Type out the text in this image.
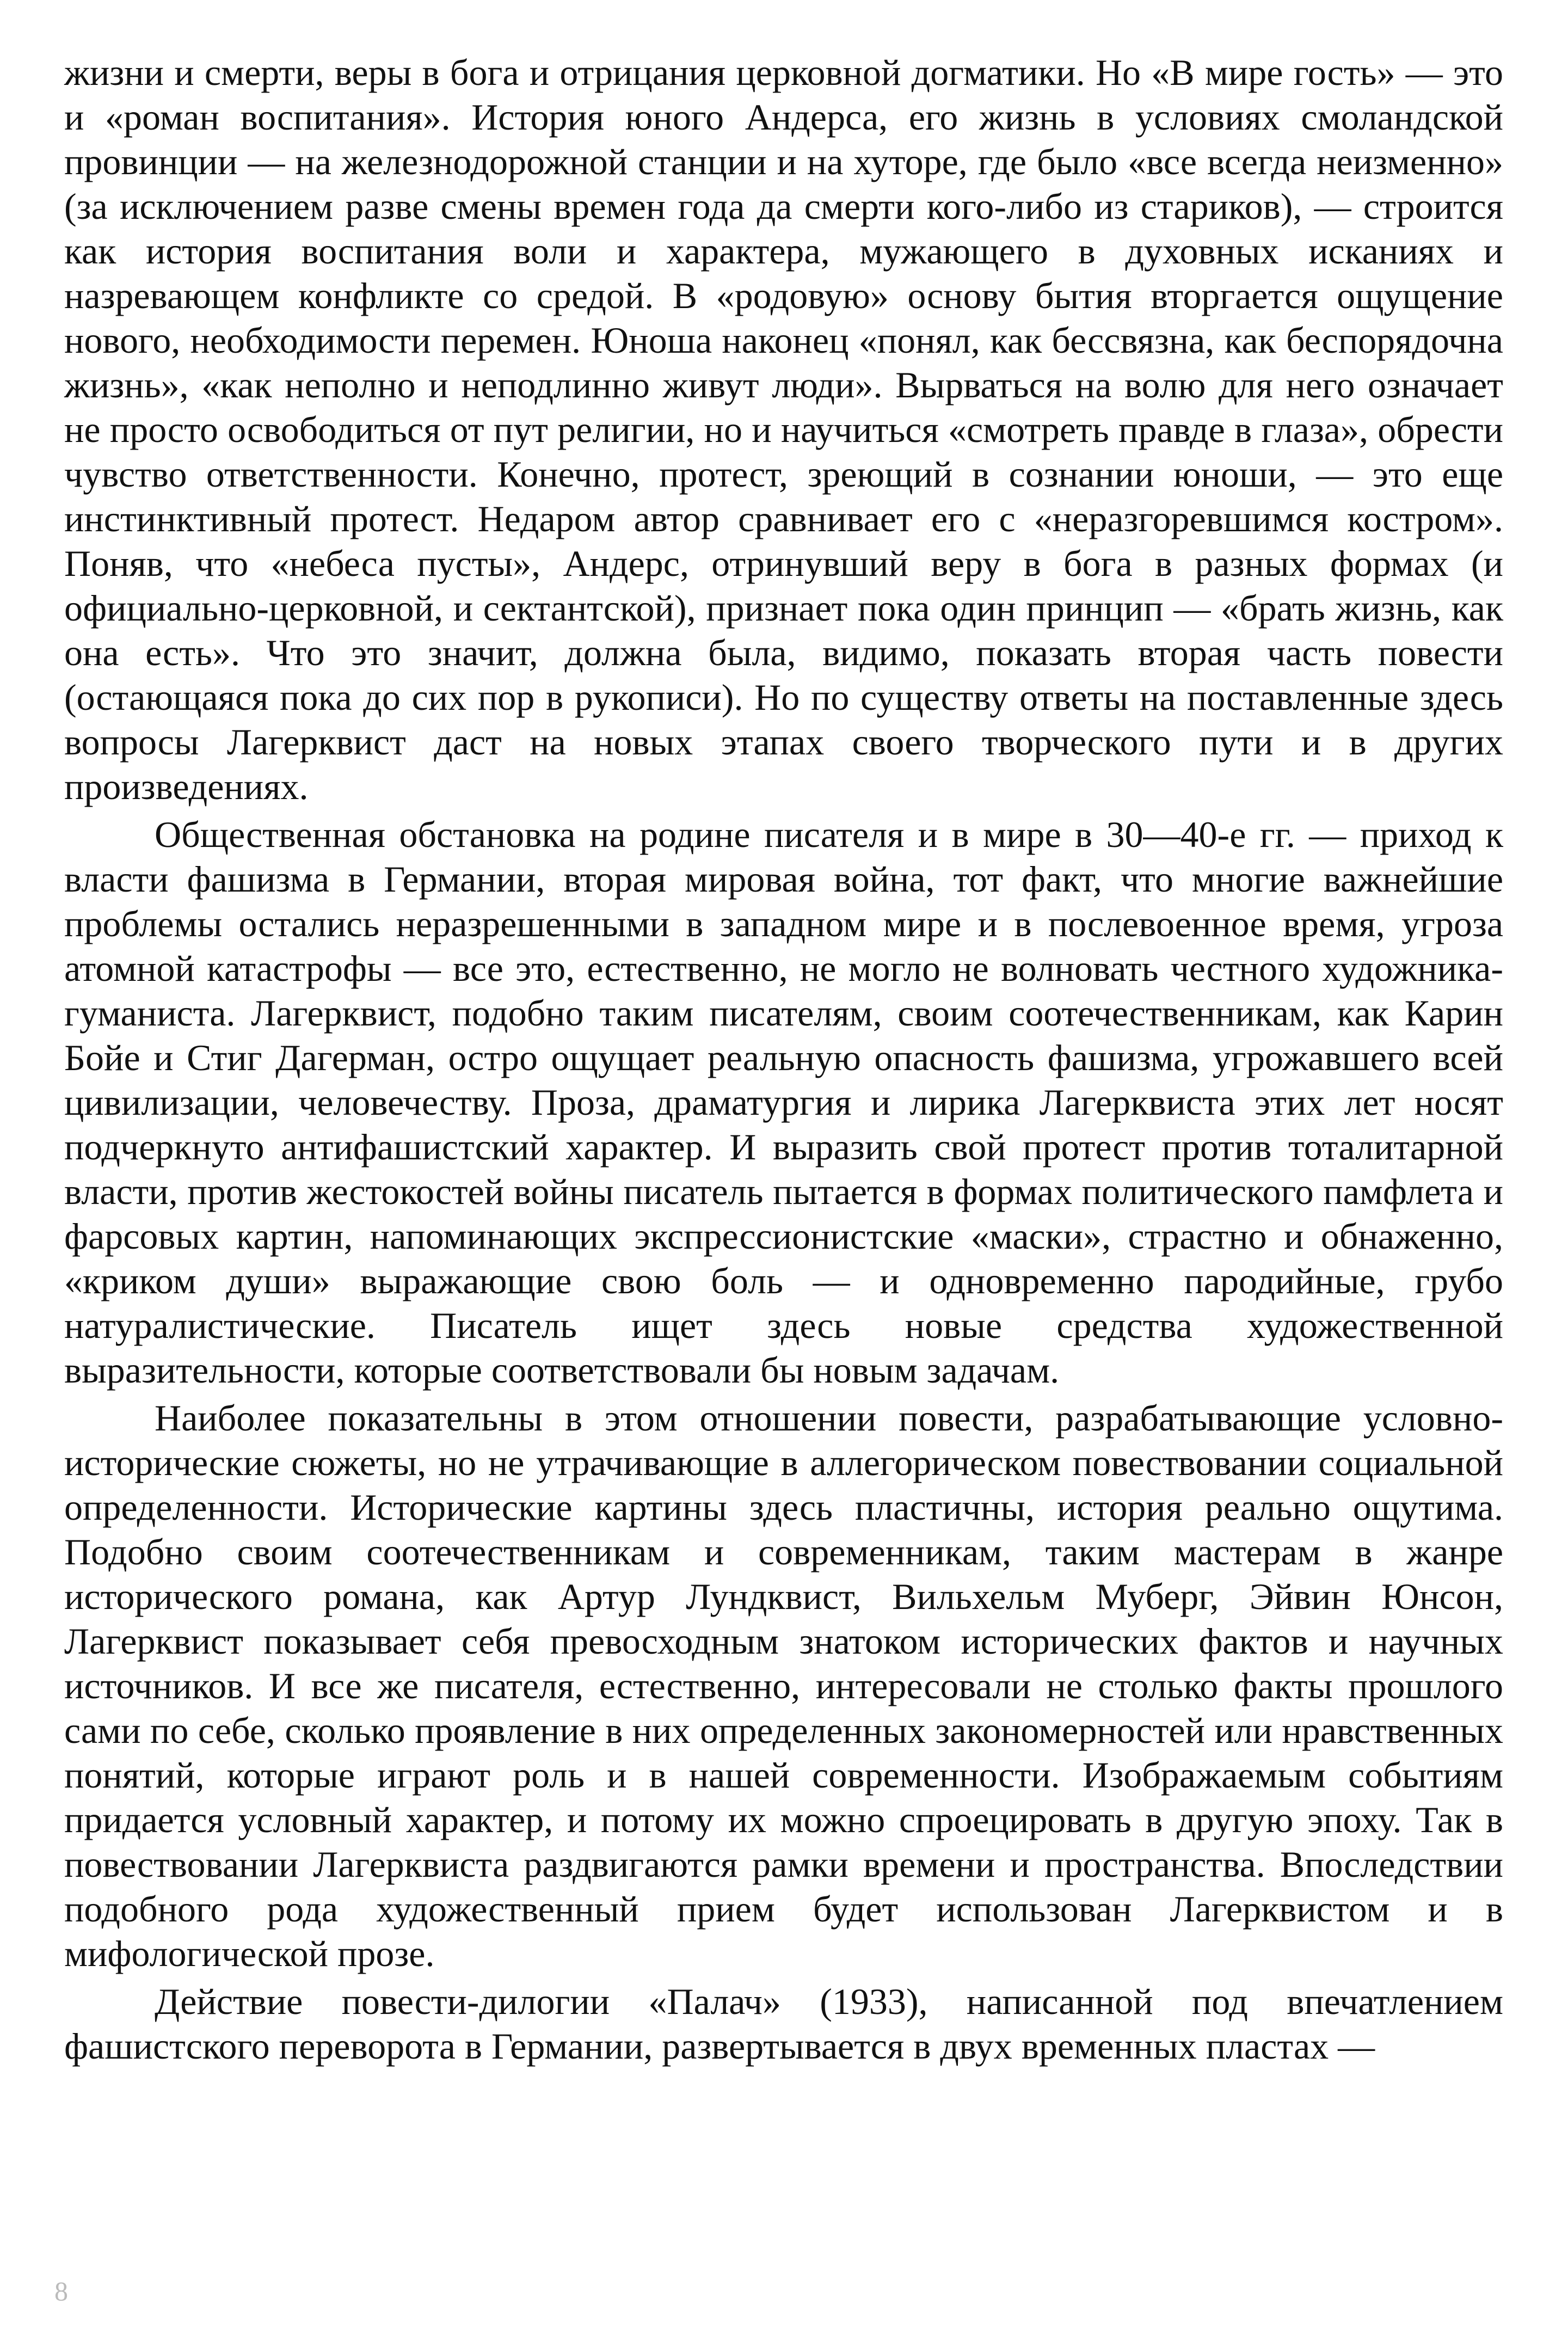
жизни и смерти, веры в бога и отрицания церковной догматики. Но «В мире гость» — это и «роман воспитания». История юного Андерса, его жизнь в условиях смоландской провинции — на железнодорожной станции и на хуторе, где было «все всегда неизменно» (за исключением разве смены времен года да смерти кого-либо из стариков), — строится как история воспитания воли и характера, мужающего в духовных исканиях и назревающем конфликте со средой. В «родовую» основу бытия вторгается ощущение нового, необходимости перемен. Юноша наконец «понял, как бессвязна, как беспорядочна жизнь», «как неполно и неподлинно живут люди». Вырваться на волю для него означает не просто освободиться от пут религии, но и научиться «смотреть правде в глаза», обрести чувство ответственности. Конечно, протест, зреющий в сознании юноши, — это еще инстинктивный протест. Недаром автор сравнивает его с «неразгоревшимся костром». Поняв, что «небеса пусты», Андерс, отринувший веру в бога в разных формах (и официально-церковной, и сектантской), признает пока один принцип — «брать жизнь, как она есть». Что это значит, должна была, видимо, показать вторая часть повести (остающаяся пока до сих пор в рукописи). Но по существу ответы на поставленные здесь вопросы Лагерквист даст на новых этапах своего творческого пути и в других произведениях.

Общественная обстановка на родине писателя и в мире в 30—40-е гг. — приход к власти фашизма в Германии, вторая мировая война, тот факт, что многие важнейшие проблемы остались неразрешенными в западном мире и в послевоенное время, угроза атомной катастрофы — все это, естественно, не могло не волновать честного художника-гуманиста. Лагерквист, подобно таким писателям, своим соотечественникам, как Карин Бойе и Стиг Дагерман, остро ощущает реальную опасность фашизма, угрожавшего всей цивилизации, человечеству. Проза, драматургия и лирика Лагерквиста этих лет носят подчеркнуто антифашистский характер. И выразить свой протест против тоталитарной власти, против жестокостей войны писатель пытается в формах политического памфлета и фарсовых картин, напоминающих экспрессионистские «маски», страстно и обнаженно, «криком души» выражающие свою боль — и одновременно пародийные, грубо натуралистические. Писатель ищет здесь новые средства художественной выразительности, которые соответствовали бы новым задачам.

Наиболее показательны в этом отношении повести, разрабатывающие условно-исторические сюжеты, но не утрачивающие в аллегорическом повествовании социальной определенности. Исторические картины здесь пластичны, история реально ощутима. Подобно своим соотечественникам и современникам, таким мастерам в жанре исторического романа, как Артур Лундквист, Вильхельм Муберг, Эйвин Юнсон, Лагерквист показывает себя превосходным знатоком исторических фактов и научных источников. И все же писателя, естественно, интересовали не столько факты прошлого сами по себе, сколько проявление в них определенных закономерностей или нравственных понятий, которые играют роль и в нашей современности. Изображаемым событиям придается условный характер, и потому их можно спроецировать в другую эпоху. Так в повествовании Лагерквиста раздвигаются рамки времени и пространства. Впоследствии подобного рода художественный прием будет использован Лагерквистом и в мифологической прозе.

Действие повести-дилогии «Палач» (1933), написанной под впечатлением фашистского переворота в Германии, развертывается в двух временных пластах —

8
